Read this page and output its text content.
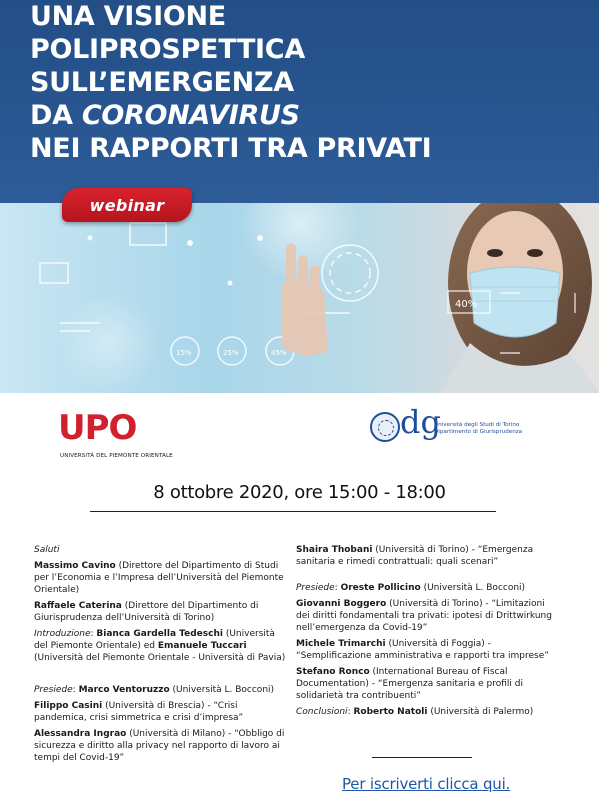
UNA VISIONE
POLIPROSPETTICA
SULL’EMERGENZA
DA CORONAVIRUS
NEI RAPPORTI TRA PRIVATI
40%
15%	25%	45%
webinar
UPO
UNIVERSITÀ DEL PIEMONTE ORIENTALE
dg
Università degli Studi di Torino
Dipartimento di Giurisprudenza
8 ottobre 2020, ore 15:00 - 18:00
Saluti
Massimo Cavino (Direttore del Dipartimento di Studi per l’Economia e l’Impresa dell’Università del Piemonte Orientale)
Raffaele Caterina (Direttore del Dipartimento di Giurisprudenza dell’Università di Torino)
Introduzione: Bianca Gardella Tedeschi (Università del Piemonte Orientale) ed Emanuele Tuccari (Università del Piemonte Orientale - Università di Pavia)
Presiede: Marco Ventoruzzo (Università L. Bocconi)
Filippo Casini (Università di Brescia) - “Crisi pandemica, crisi simmetrica e crisi d’impresa”
Alessandra Ingrao (Università di Milano) - “Obbligo di sicurezza e diritto alla privacy nel rapporto di lavoro ai tempi del Covid-19”
Shaira Thobani (Università di Torino) - “Emergenza sanitaria e rimedi contrattuali: quali scenari”
Presiede: Oreste Pollicino (Università L. Bocconi)
Giovanni Boggero (Università di Torino) - “Limitazioni dei diritti fondamentali tra privati: ipotesi di Drittwirkung nell’emergenza da Covid-19”
Michele Trimarchi (Università di Foggia) - “Semplificazione amministrativa e rapporti tra imprese”
Stefano Ronco (International Bureau of Fiscal Documentation) - “Emergenza sanitaria e profili di solidarietà tra contribuenti”
Conclusioni: Roberto Natoli (Università di Palermo)
Per iscriverti clicca qui.
